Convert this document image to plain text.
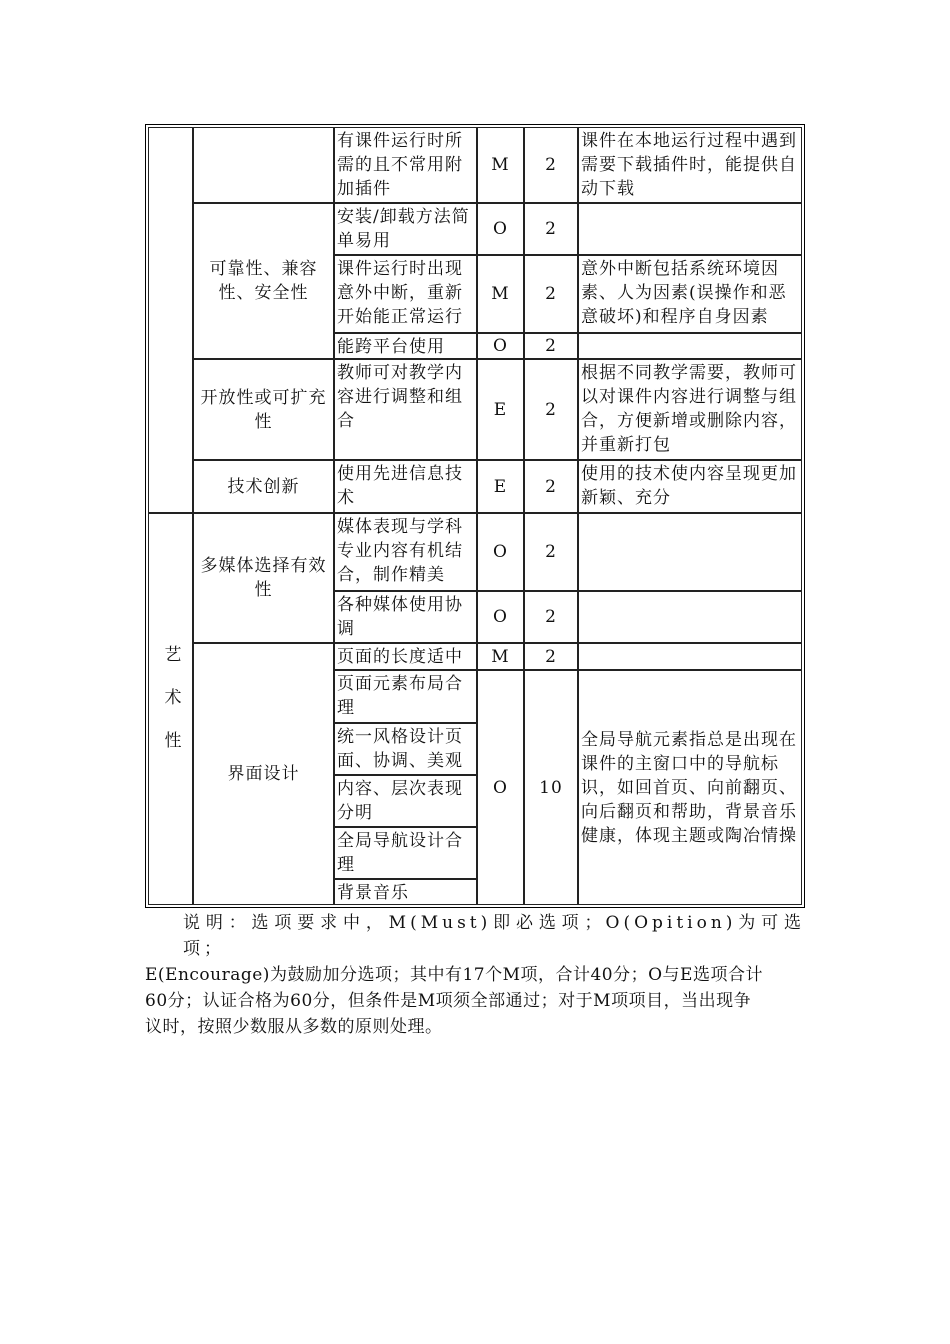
艺术性
可靠性、兼容性、安全性
开放性或可扩充性
技术创新
多媒体选择有效性
界面设计
有课件运行时所需的且不常用附加插件
M 2
课件在本地运行过程中遇到需要下载插件时，能提供自动下载
安装/卸载方法简单易用
O 2
课件运行时出现意外中断，重新开始能正常运行
M 2
意外中断包括系统环境因素、人为因素(误操作和恶意破坏)和程序自身因素
能跨平台使用	O 2
教师可对教学内容进行调整和组合
E 2
根据不同教学需要，教师可以对课件内容进行调整与组合，方便新增或删除内容，并重新打包
使用先进信息技术
E 2
使用的技术使内容呈现更加新颖、充分
媒体表现与学科专业内容有机结合，制作精美
O 2
各种媒体使用协调
O 2
页面的长度适中	M 2
页面元素布局合理
统一风格设计页面、协调、美观
内容、层次表现分明
全局导航设计合理
背景音乐
O 10
全局导航元素指总是出现在课件的主窗口中的导航标识，如回首页、向前翻页、向后翻页和帮助，背景音乐健康，体现主题或陶冶情操
说明：选项要求中，M(Must)即必选项；O(Opition)为可选项；
E(Encourage)为鼓励加分选项；其中有17个M项，合计40分；O与E选项合计
60分；认证合格为60分，但条件是M项须全部通过；对于M项项目，当出现争
议时，按照少数服从多数的原则处理。
